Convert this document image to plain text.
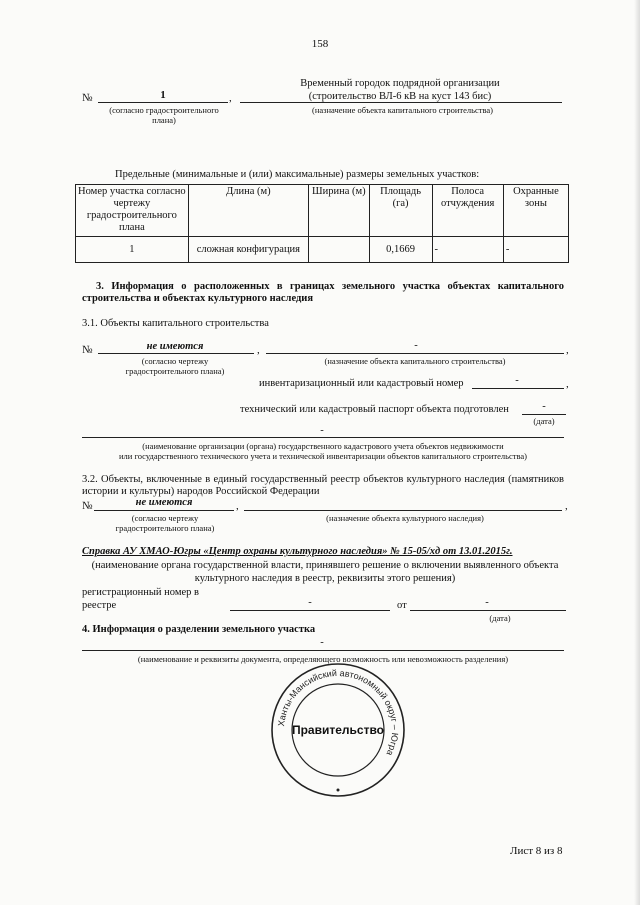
158
№	1	,
Временный городок подрядной организации
(строительство ВЛ-6 кВ на куст 143 бис)
(согласно градостроительного
плана)
(назначение объекта капитального строительства)
Предельные (минимальные и (или) максимальные) размеры земельных участков:
Номер участка согласно чертежу градостроительного плана	Длина (м)	Ширина (м)	Площадь (га)	Полоса отчуждения	Охранные зоны
1	сложная конфигурация		0,1669	-	-
3. Информация о расположенных в границах земельного участка объектах капитального строительства и объектах культурного наследия
3.1. Объекты капитального строительства
№	не имеются	,	-	,
(согласно чертежу
градостроительного плана)
(назначение объекта капитального строительства)
инвентаризационный или кадастровый номер	-	,
технический или кадастровый паспорт объекта подготовлен	-
(дата)
-
(наименование организации (органа) государственного кадастрового учета объектов недвижимости
или государственного технического учета и технической инвентаризации объектов капитального строительства)
3.2. Объекты, включенные в единый государственный реестр объектов культурного наследия (памятников истории и культуры) народов Российской Федерации
№	не имеются	,	,
(согласно чертежу
градостроительного плана)
(назначение объекта культурного наследия)
Справка АУ ХМАО-Югры «Центр охраны культурного наследия» № 15-05/хд от 13.01.2015г.
(наименование органа государственной власти, принявшего решение о включении выявленного объекта
культурного наследия в реестр, реквизиты этого решения)
регистрационный номер в
реестре	-	от	-
(дата)
4. Информация о разделении земельного участка
-
(наименование и реквизиты документа, определяющего возможность или невозможность разделения)
Ханты-Мансийский автономный округ – Югра
Правительство
Лист 8 из 8
